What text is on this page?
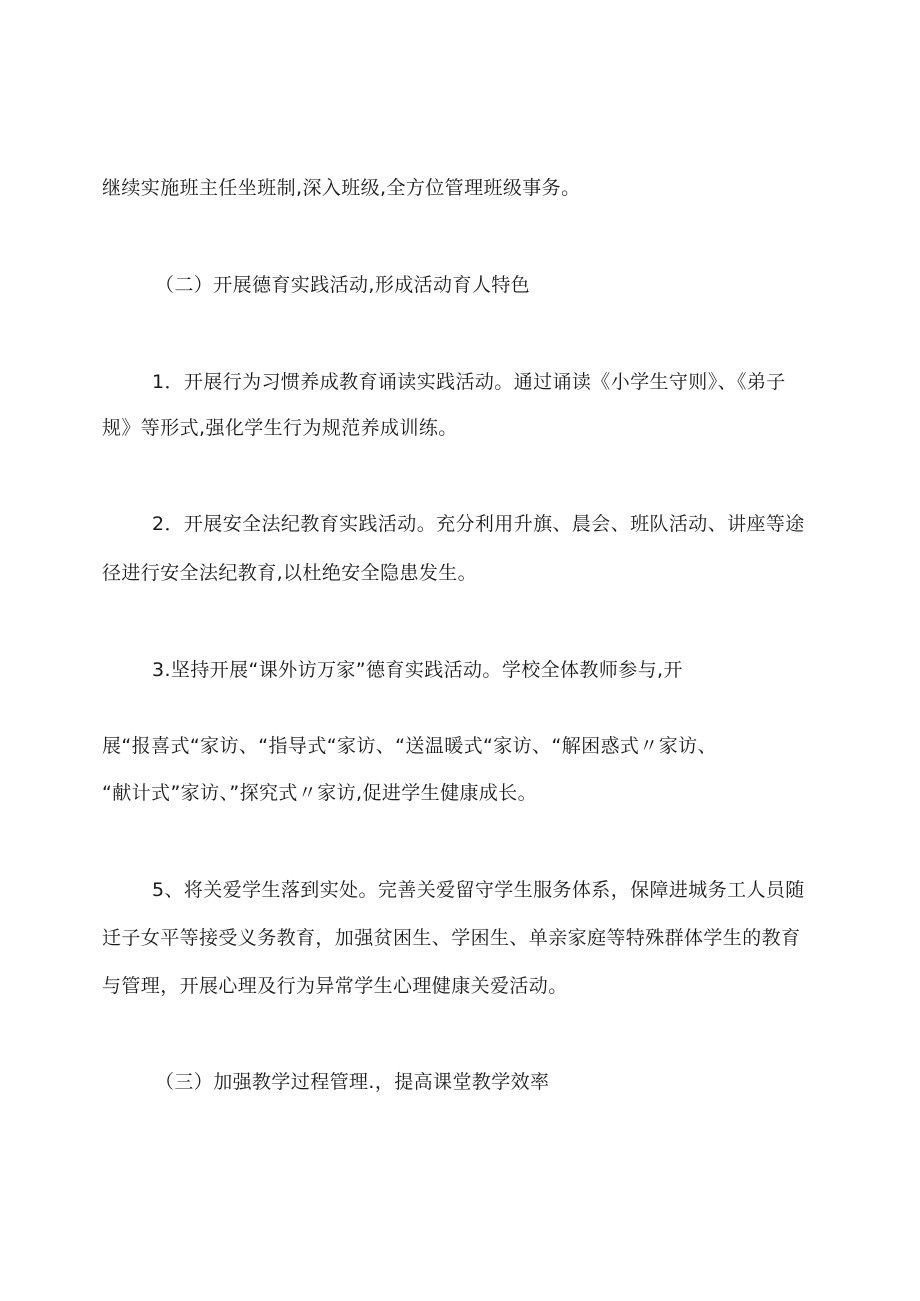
继续实施班主任坐班制,深入班级,全方位管理班级事务。

（二）开展德育实践活动,形成活动育人特色

1．开展行为习惯养成教育诵读实践活动。通过诵读《小学生守则》、《弟子

规》等形式,强化学生行为规范养成训练。

2．开展安全法纪教育实践活动。充分利用升旗、晨会、班队活动、讲座等途

径进行安全法纪教育,以杜绝安全隐患发生。

3.坚持开展“课外访万家”德育实践活动。学校全体教师参与,开

展“报喜式“家访、“指导式“家访、“送温暖式“家访、“解困惑式〃家访、

“献计式”家访、”探究式〃家访,促进学生健康成长。

5、将关爱学生落到实处。完善关爱留守学生服务体系，保障进城务工人员随

迁子女平等接受义务教育，加强贫困生、学困生、单亲家庭等特殊群体学生的教育

与管理，开展心理及行为异常学生心理健康关爱活动。

（三）加强教学过程管理.，提高课堂教学效率
